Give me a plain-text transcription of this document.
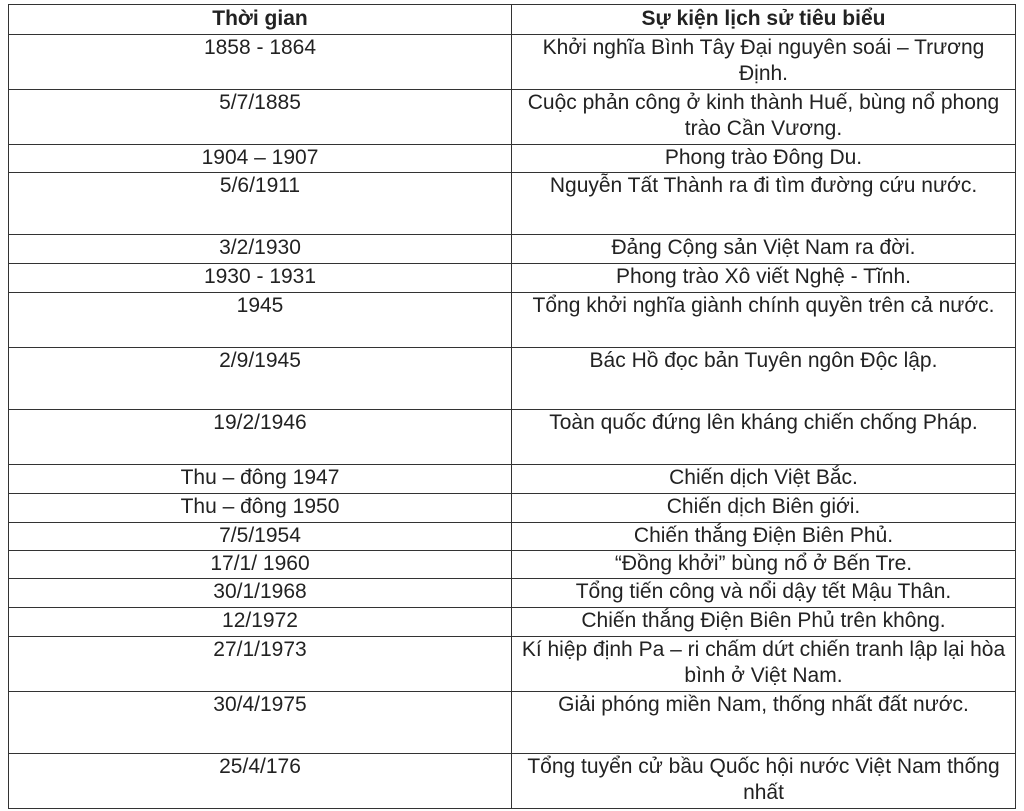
Thời gian	Sự kiện lịch sử tiêu biểu
1858 - 1864	Khởi nghĩa Bình Tây Đại nguyên soái – Trương Định.
5/7/1885	Cuộc phản công ở kinh thành Huế, bùng nổ phong trào Cần Vương.
1904 – 1907	Phong trào Đông Du.
5/6/1911	Nguyễn Tất Thành ra đi tìm đường cứu nước.
3/2/1930	Đảng Cộng sản Việt Nam ra đời.
1930 - 1931	Phong trào Xô viết Nghệ - Tĩnh.
1945	Tổng khởi nghĩa giành chính quyền trên cả nước.
2/9/1945	Bác Hồ đọc bản Tuyên ngôn Độc lập.
19/2/1946	Toàn quốc đứng lên kháng chiến chống Pháp.
Thu – đông 1947	Chiến dịch Việt Bắc.
Thu – đông 1950	Chiến dịch Biên giới.
7/5/1954	Chiến thắng Điện Biên Phủ.
17/1/ 1960	“Đồng khởi” bùng nổ ở Bến Tre.
30/1/1968	Tổng tiến công và nổi dậy tết Mậu Thân.
12/1972	Chiến thắng Điện Biên Phủ trên không.
27/1/1973	Kí hiệp định Pa – ri chấm dứt chiến tranh lập lại hòa bình ở Việt Nam.
30/4/1975	Giải phóng miền Nam, thống nhất đất nước.
25/4/176	Tổng tuyển cử bầu Quốc hội nước Việt Nam thống nhất
